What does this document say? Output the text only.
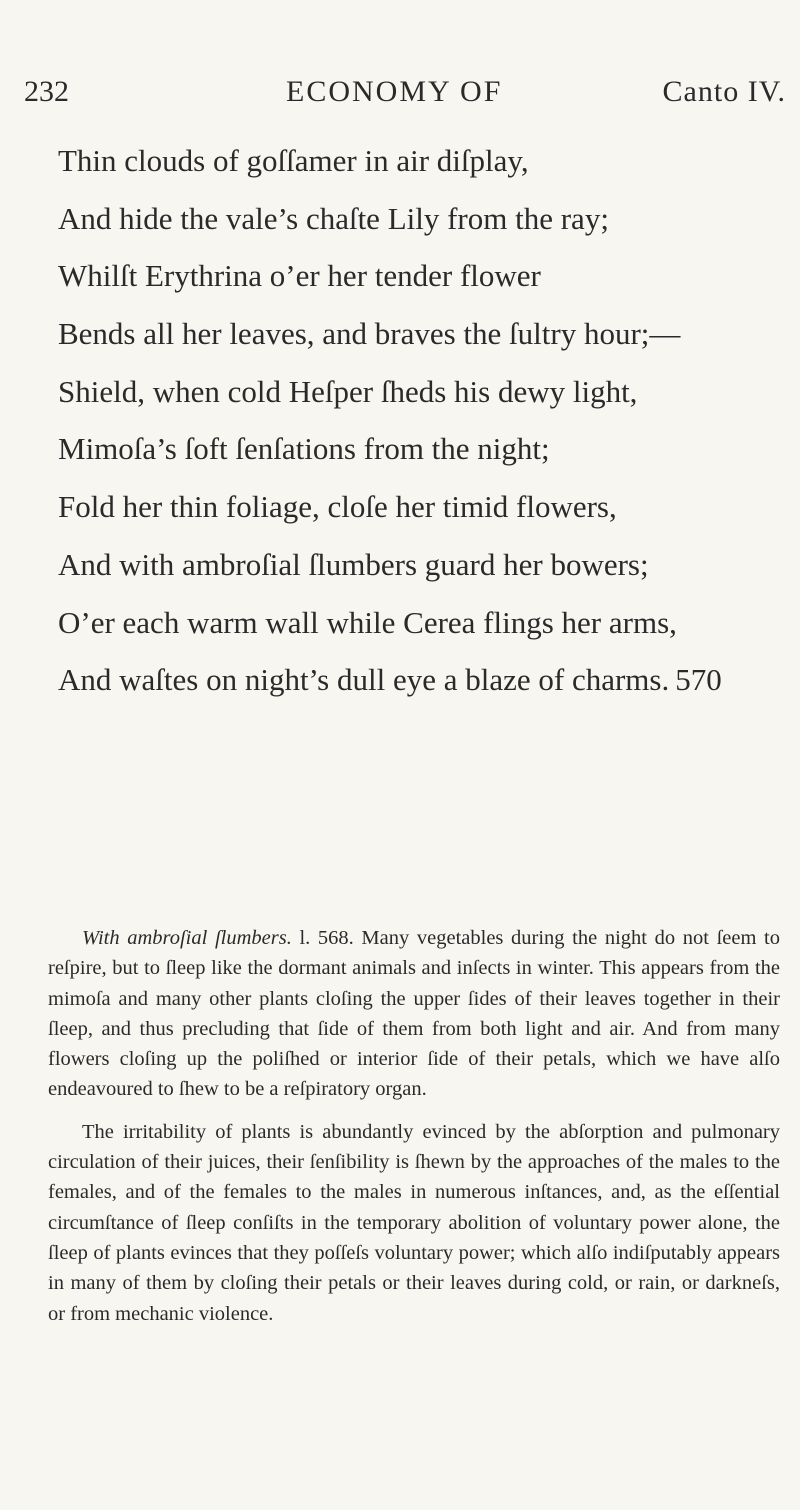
232	ECONOMY OF	Canto IV.
Thin clouds of goſſamer in air diſplay,
And hide the vale’s chaſte Lily from the ray;
Whilſt Erythrina o’er her tender flower
Bends all her leaves, and braves the ſultry hour;—
Shield, when cold Heſper ſheds his dewy light,
Mimoſa’s ſoft ſenſations from the night;
Fold her thin foliage, cloſe her timid flowers,
And with ambroſial ſlumbers guard her bowers;
O’er each warm wall while Cerea flings her arms,
And waſtes on night’s dull eye a blaze of charms. 570

With ambroſial ſlumbers. l. 568. Many vegetables during the night do not ſeem to reſpire, but to ſleep like the dormant animals and inſects in winter. This appears from the mimoſa and many other plants cloſing the upper ſides of their leaves together in their ſleep, and thus precluding that ſide of them from both light and air. And from many flowers cloſing up the poliſhed or interior ſide of their petals, which we have alſo endeavoured to ſhew to be a reſpiratory organ.

The irritability of plants is abundantly evinced by the abſorption and pulmonary circulation of their juices, their ſenſibility is ſhewn by the approaches of the males to the females, and of the females to the males in numerous inſtances, and, as the eſſential circumſtance of ſleep conſiſts in the temporary abolition of voluntary power alone, the ſleep of plants evinces that they poſſeſs voluntary power; which alſo indiſputably appears in many of them by cloſing their petals or their leaves during cold, or rain, or darkneſs, or from mechanic violence.
